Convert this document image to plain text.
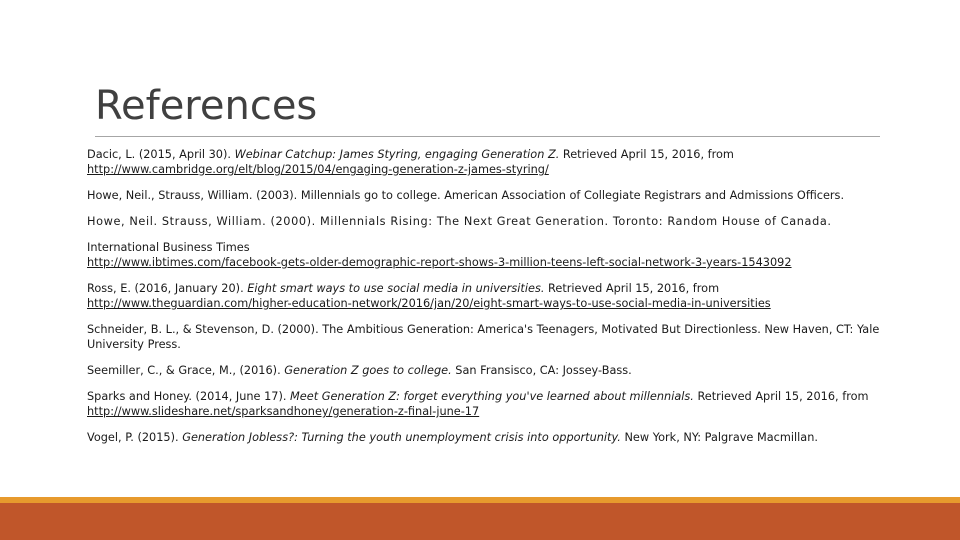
References
Dacic, L. (2015, April 30). Webinar Catchup: James Styring, engaging Generation Z. Retrieved April 15, 2016, from
http://www.cambridge.org/elt/blog/2015/04/engaging-generation-z-james-styring/
Howe, Neil., Strauss, William. (2003). Millennials go to college. American Association of Collegiate Registrars and Admissions Officers.
Howe, Neil. Strauss, William. (2000). Millennials Rising: The Next Great Generation. Toronto: Random House of Canada.
International Business Times
http://www.ibtimes.com/facebook-gets-older-demographic-report-shows-3-million-teens-left-social-network-3-years-1543092
Ross, E. (2016, January 20). Eight smart ways to use social media in universities. Retrieved April 15, 2016, from
http://www.theguardian.com/higher-education-network/2016/jan/20/eight-smart-ways-to-use-social-media-in-universities
Schneider, B. L., & Stevenson, D. (2000). The Ambitious Generation: America's Teenagers, Motivated But Directionless. New Haven, CT: Yale University Press.
Seemiller, C., & Grace, M., (2016). Generation Z goes to college. San Fransisco, CA: Jossey-Bass.
Sparks and Honey. (2014, June 17). Meet Generation Z: forget everything you've learned about millennials. Retrieved April 15, 2016, from
http://www.slideshare.net/sparksandhoney/generation-z-final-june-17
Vogel, P. (2015). Generation Jobless?: Turning the youth unemployment crisis into opportunity. New York, NY: Palgrave Macmillan.
